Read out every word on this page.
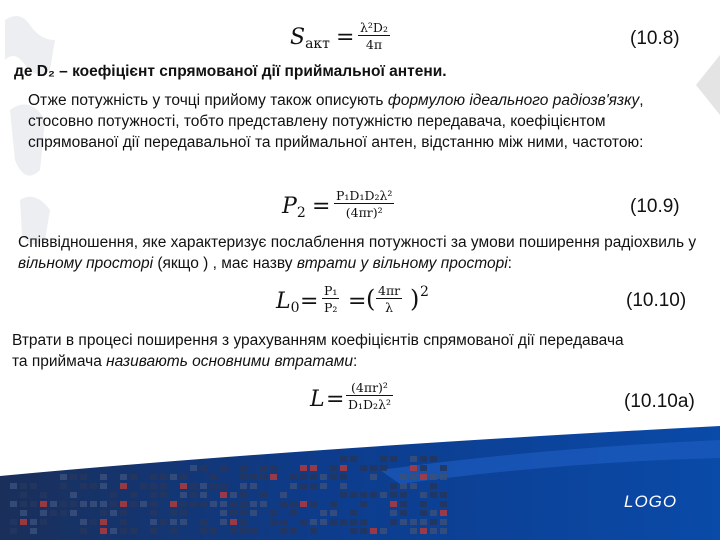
Sакт = $\frac{\text{λ²D₂}}{4\pi}$	(10.8)
де D₂ – коефіцієнт спрямованої дії приймальної антени.
Отже потужність у точці прийому також описують формулою ідеального радіозв'язку, стосовно потужності, тобто представлену потужністю передавача, коефіцієнтом спрямованої дії передавальної та приймальної антен, відстанню між ними, частотою:
$P2 = \frac{\text{P₁D₁D₂λ²}}{\text{(4πr)²}}$	(10.9)
Співвідношення, яке характеризує послаблення потужності за умови поширення радіохвиль у вільному просторі (якщо ) , має назву втрати у вільному просторі:
$L0 = \frac{\text{P₁}}{\text{P₂}}$ = ( $\frac{4\pi r}{\lambda}$ ) 2	(10.10)
Втрати в процесі поширення з урахуванням коефіцієнтів спрямованої дії передавача та приймача називають основними втратами:
$L = \frac{\text{(4πr)²}}{\text{D₁D₂λ²}}$	(10.10a)
LOGO
